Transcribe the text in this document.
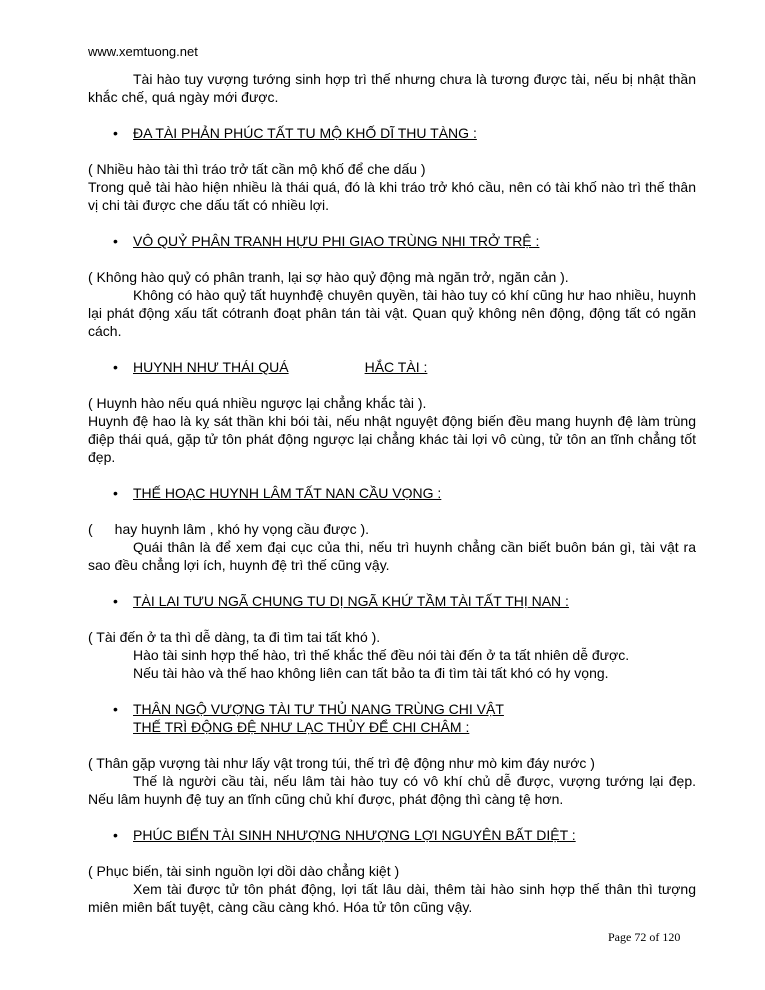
www.xemtuong.net

Tài hào tuy vượng tướng sinh hợp trì thế nhưng chưa là tương được tài, nếu bị nhật thần khắc chế, quá ngày mới được.

• ĐA TÀI PHẢN PHÚC TẤT TU MỘ KHỐ DĨ THU TÀNG :

( Nhiều hào tài thì tráo trở tất cần mộ khố để che dấu )

Trong quẻ tài hào hiện nhiều là thái quá, đó là khi tráo trở khó cầu, nên có tài khố nào trì thế thân vị chi tài được che dấu tất có nhiều lợi.

• VÔ QUỶ PHÂN TRANH HỰU PHI GIAO TRÙNG NHI TRỞ TRỆ :

( Không hào quỷ có phân tranh, lại sợ hào quỷ động mà ngăn trở, ngăn cản ).

Không có hào quỷ tất huynhđệ chuyên quyền, tài hào tuy có khí cũng hư hao nhiều, huynh lại phát động xấu tất cótranh đoạt phân tán tài vật. Quan quỷ không nên động, động tất có ngăn cách.

• HUYNH NHƯ THÁI QUÁ	HẮC TÀI :

( Huynh hào nếu quá nhiều ngược lại chẳng khắc tài ).

Huynh đệ hao là kỵ sát thần khi bói tài, nếu nhật nguyệt động biến đều mang huynh đệ làm trùng điệp thái quá, gặp tử tôn phát động ngược lại chẳng khác tài lợi vô cùng, tử tôn an tĩnh chẳng tốt đẹp.

• THẾ HOẠC HUYNH LÂM TẤT NAN CẦU VỌNG :

( hay huynh lâm , khó hy vọng cầu được ).

Quái thân là để xem đại cục của thi, nếu trì huynh chẳng cần biết buôn bán gì, tài vật ra sao đều chẳng lợi ích, huynh đệ trì thế cũng vậy.

• TÀI LAI TƯU NGÃ CHUNG TU DỊ NGÃ KHỨ TẦM TÀI TẤT THỊ NAN :

( Tài đến ở ta thì dễ dàng, ta đi tìm tai tất khó ).

Hào tài sinh hợp thế hào, trì thế khắc thế đều nói tài đến ở ta tất nhiên dễ được.

Nếu tài hào và thế hao không liên can tất bảo ta đi tìm tài tất khó có hy vọng.

• THÂN NGỘ VƯỢNG TÀI TƯ THỦ NANG TRÙNG CHI VẬT

THẾ TRÌ ĐỘNG ĐỆ NHƯ LẠC THỦY ĐỂ CHI CHÂM :

( Thân gặp vượng tài như lấy vật trong túi, thế trì đệ động như mò kim đáy nước )

Thế là người cầu tài, nếu lâm tài hào tuy có vô khí chủ dễ được, vượng tướng lại đẹp. Nếu lâm huynh đệ tuy an tĩnh cũng chủ khí được, phát động thì càng tệ hơn.

• PHÚC BIẾN TÀI SINH NHƯỢNG NHƯỢNG LỢI NGUYÊN BẤT DIỆT :

( Phục biến, tài sinh nguồn lợi dồi dào chẳng kiệt )

Xem tài được tử tôn phát động, lợi tất lâu dài, thêm tài hào sinh hợp thế thân thì tượng miên miên bất tuyệt, càng cầu càng khó. Hóa tử tôn cũng vậy.

Page 72 of 120
